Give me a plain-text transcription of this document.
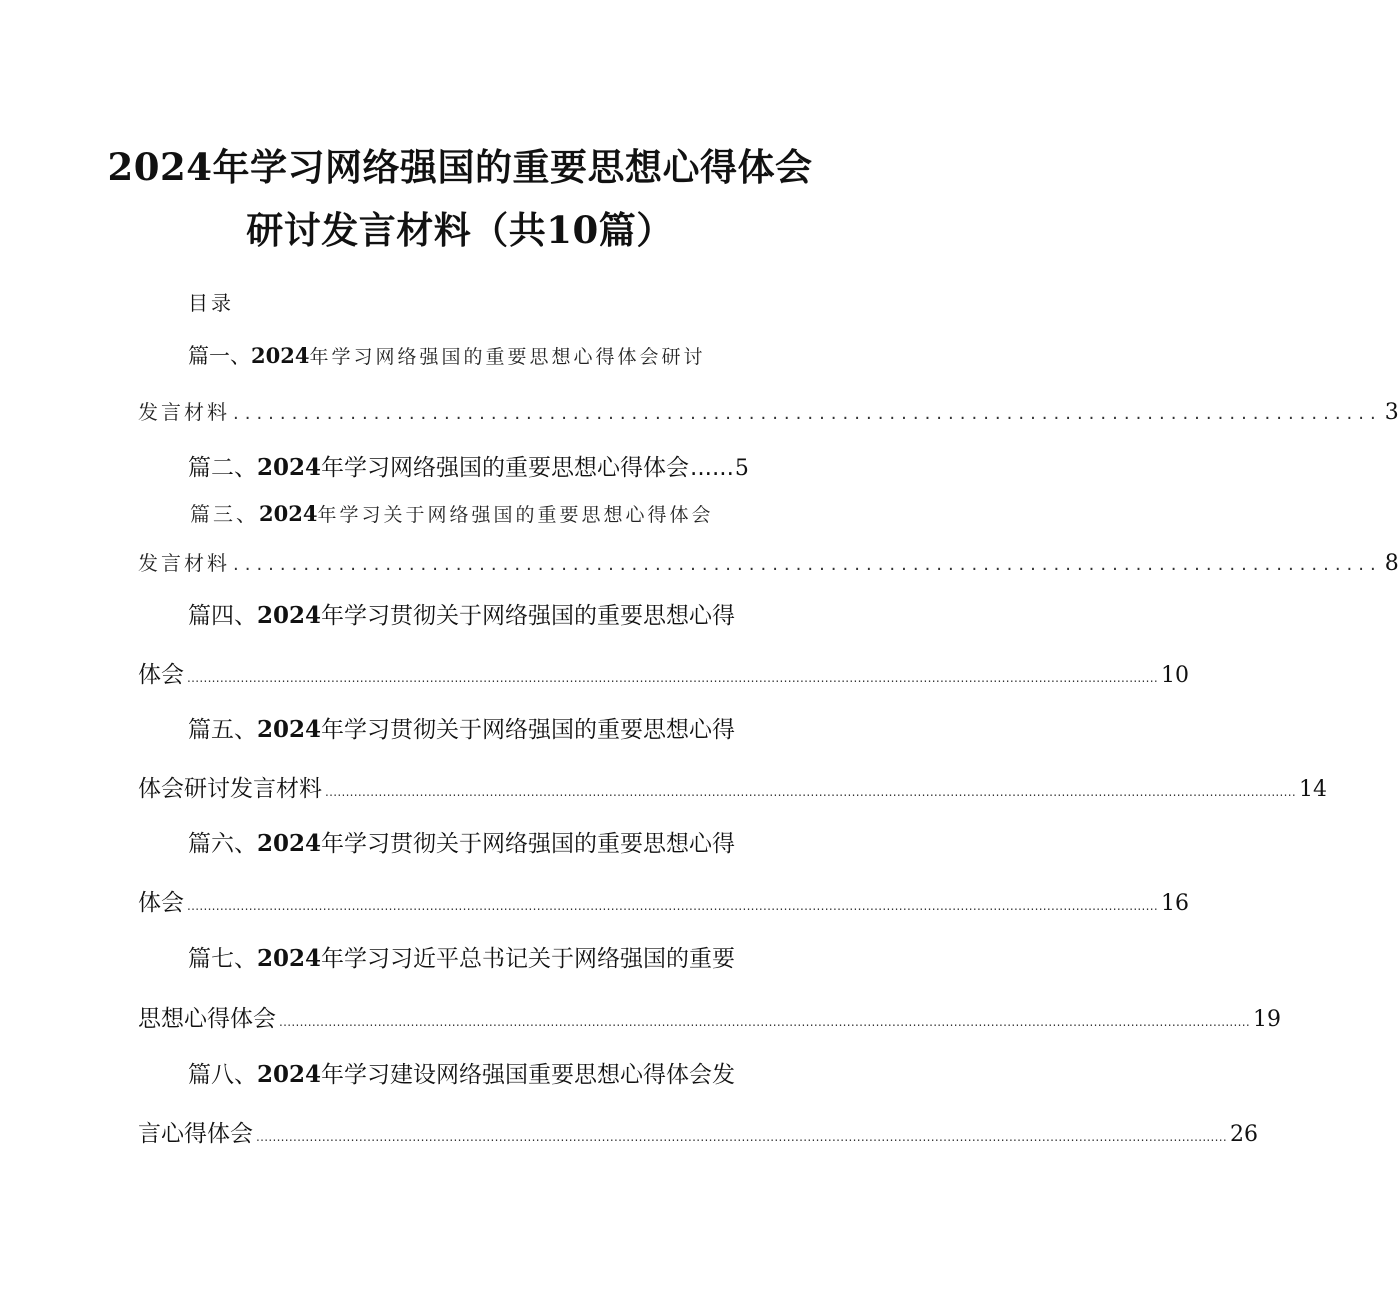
2024年学习网络强国的重要思想心得体会
研讨发言材料（共10篇）
目录
篇一、2024年学习网络强国的重要思想心得体会研讨
发言材料 .................................................................................................. 3
篇二、2024年学习网络强国的重要思想心得体会 ...... 5
篇三、2024年学习关于网络强国的重要思想心得体会
发言材料 .................................................................................................. 8
篇四、2024年学习贯彻关于网络强国的重要思想心得
体会 ............................................................................................................................................................................................................................................ 10
篇五、2024年学习贯彻关于网络强国的重要思想心得
体会研讨发言材料 ............................................................................................................................................................................................................................................ 14
篇六、2024年学习贯彻关于网络强国的重要思想心得
体会 ............................................................................................................................................................................................................................................ 16
篇七、2024年学习习近平总书记关于网络强国的重要
思想心得体会 ............................................................................................................................................................................................................................................ 19
篇八、2024年学习建设网络强国重要思想心得体会发
言心得体会 ............................................................................................................................................................................................................................................ 26
